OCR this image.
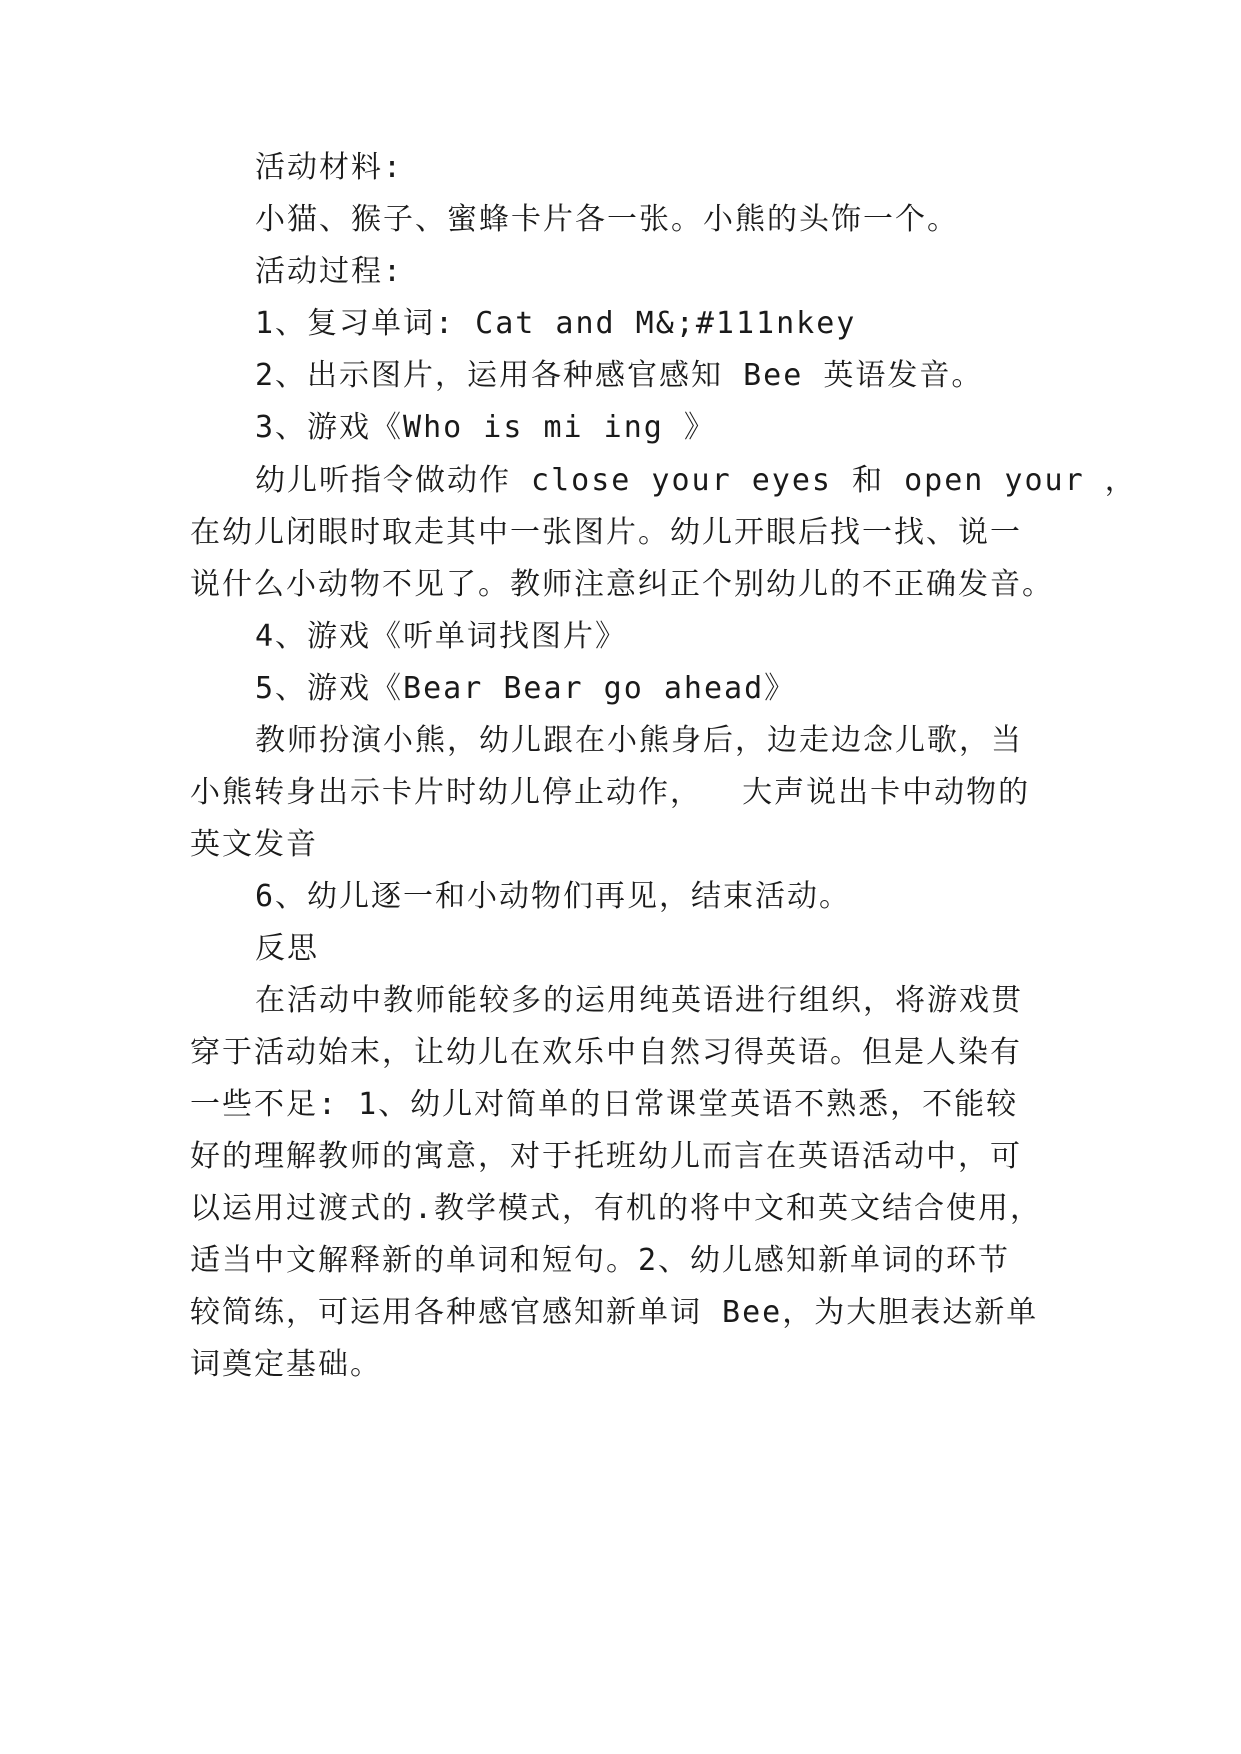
活动材料:
小猫、猴子、蜜蜂卡片各一张。小熊的头饰一个。
活动过程:
1、复习单词: Cat and M&;#111nkey
2、出示图片，运用各种感官感知 Bee 英语发音。
3、游戏《Who is mi ing 》
幼儿听指令做动作 close your eyes 和 open your ，
在幼儿闭眼时取走其中一张图片。幼儿开眼后找一找、说一
说什么小动物不见了。教师注意纠正个别幼儿的不正确发音。
4、游戏《听单词找图片》
5、游戏《Bear Bear go ahead》
教师扮演小熊，幼儿跟在小熊身后，边走边念儿歌，当
小熊转身出示卡片时幼儿停止动作，  大声说出卡中动物的
英文发音
6、幼儿逐一和小动物们再见，结束活动。
反思
在活动中教师能较多的运用纯英语进行组织，将游戏贯
穿于活动始末，让幼儿在欢乐中自然习得英语。但是人染有
一些不足: 1、幼儿对简单的日常课堂英语不熟悉，不能较
好的理解教师的寓意，对于托班幼儿而言在英语活动中，可
以运用过渡式的.教学模式，有机的将中文和英文结合使用，
适当中文解释新的单词和短句。2、幼儿感知新单词的环节
较简练，可运用各种感官感知新单词 Bee，为大胆表达新单
词奠定基础。
